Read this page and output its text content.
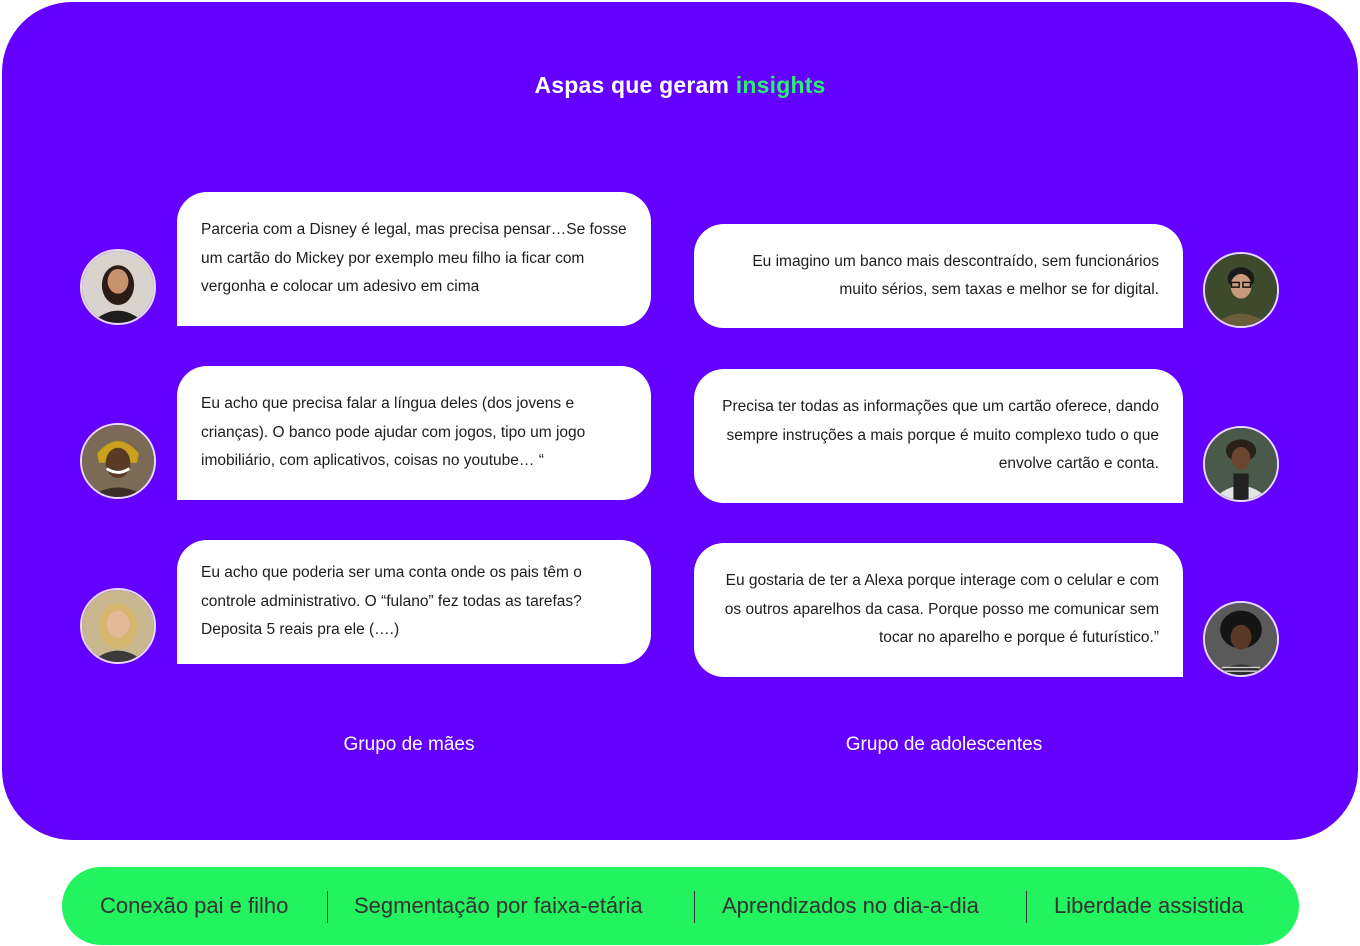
Aspas que geram insights

Parceria com a Disney é legal, mas precisa pensar…Se fosse um cartão do Mickey por exemplo meu filho ia ficar com vergonha e colocar um adesivo em cima

Eu acho que precisa falar a língua deles (dos jovens e crianças). O banco pode ajudar com jogos, tipo um jogo imobiliário, com aplicativos, coisas no youtube… “

Eu acho que poderia ser uma conta onde os pais têm o controle administrativo. O “fulano” fez todas as tarefas? Deposita 5 reais pra ele (….)

Eu imagino um banco mais descontraído, sem funcionários muito sérios, sem taxas e melhor se for digital.

Precisa ter todas as informações que um cartão oferece, dando sempre instruções a mais porque é muito complexo tudo o que envolve cartão e conta.

Eu gostaria de ter a Alexa porque interage com o celular e com os outros aparelhos da casa. Porque posso me comunicar sem tocar no aparelho e porque é futurístico.”

Grupo de mães	Grupo de adolescentes
Conexão pai e filho	Segmentação por faixa-etária	Aprendizados no dia-a-dia	Liberdade assistida
